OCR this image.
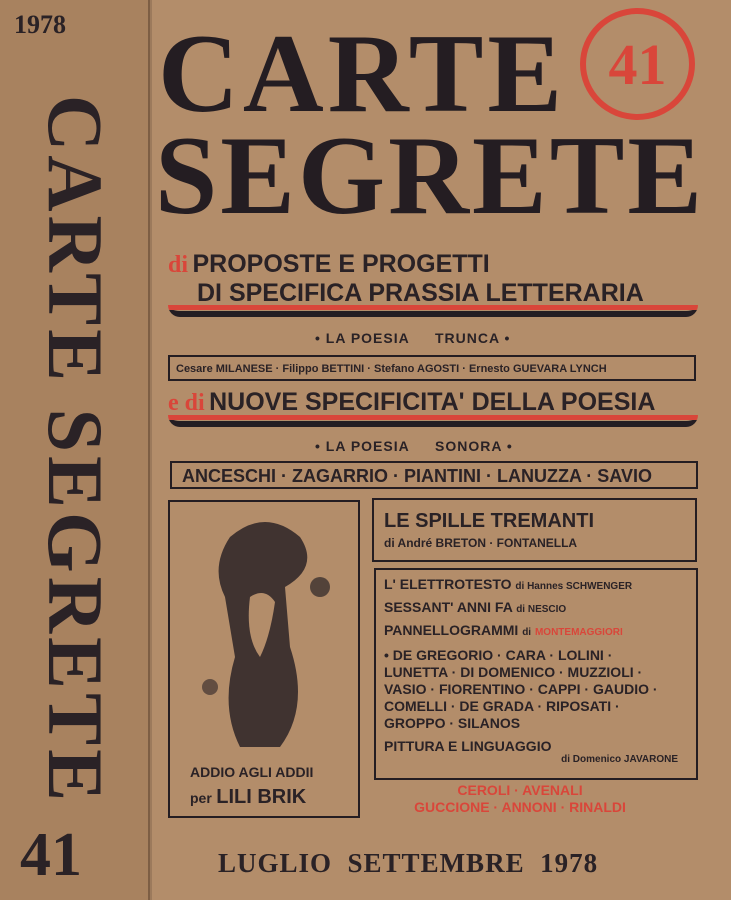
1978
CARTE SEGRETE
41
CARTE
SEGRETE
41
di PROPOSTE E PROGETTI
DI SPECIFICA PRASSIA LETTERARIA
• LA POESIA TRUNCA •
Cesare MILANESE · Filippo BETTINI · Stefano AGOSTI · Ernesto GUEVARA LYNCH
e di NUOVE SPECIFICITA' DELLA POESIA
• LA POESIA SONORA •
ANCESCHI · ZAGARRIO · PIANTINI · LANUZZA · SAVIO
ADDIO AGLI ADDII
per LILI BRIK
LE SPILLE TREMANTI
di André BRETON · FONTANELLA
L' ELETTROTESTO di Hannes SCHWENGER
SESSANT' ANNI FA di NESCIO
PANNELLOGRAMMI di MONTEMAGGIORI
• DE GREGORIO · CARA · LOLINI ·
LUNETTA · DI DOMENICO · MUZZIOLI ·
VASIO · FIORENTINO · CAPPI · GAUDIO ·
COMELLI · DE GRADA · RIPOSATI ·
GROPPO · SILANOS
PITTURA E LINGUAGGIO
di Domenico JAVARONE
CEROLI · AVENALI
GUCCIONE · ANNONI · RINALDI
LUGLIO  SETTEMBRE  1978
